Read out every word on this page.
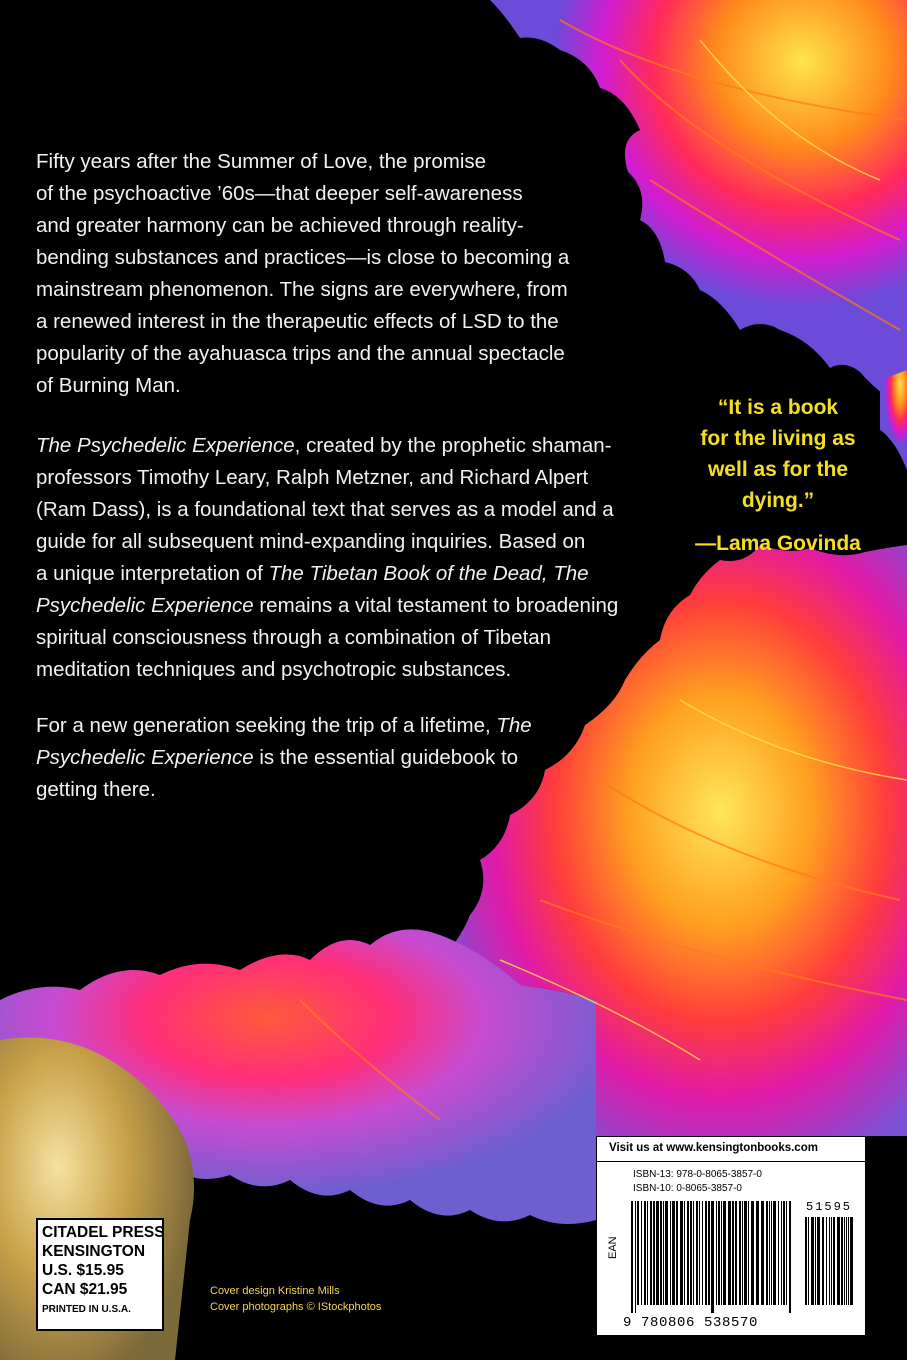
Fifty years after the Summer of Love, the promise
of the psychoactive ’60s—that deeper self-awareness
and greater harmony can be achieved through reality-
bending substances and practices—is close to becoming a
mainstream phenomenon. The signs are everywhere, from
a renewed interest in the therapeutic effects of LSD to the
popularity of the ayahuasca trips and the annual spectacle
of Burning Man.
The Psychedelic Experience, created by the prophetic shaman-
professors Timothy Leary, Ralph Metzner, and Richard Alpert
(Ram Dass), is a foundational text that serves as a model and a
guide for all subsequent mind-expanding inquiries. Based on
a unique interpretation of The Tibetan Book of the Dead, The
Psychedelic Experience remains a vital testament to broadening
spiritual consciousness through a combination of Tibetan
meditation techniques and psychotropic substances.
For a new generation seeking the trip of a lifetime, The
Psychedelic Experience is the essential guidebook to
getting there.
“It is a book
for the living as
well as for the
dying.”
—Lama Govinda
CITADEL PRESS
KENSINGTON
U.S. $15.95
CAN $21.95
PRINTED IN U.S.A.
Cover design Kristine Mills
Cover photographs © IStockphotos
Visit us at www.kensingtonbooks.com
ISBN-13: 978-0-8065-3857-0
ISBN-10: 0-8065-3857-0
51595
EAN
9 780806 538570
